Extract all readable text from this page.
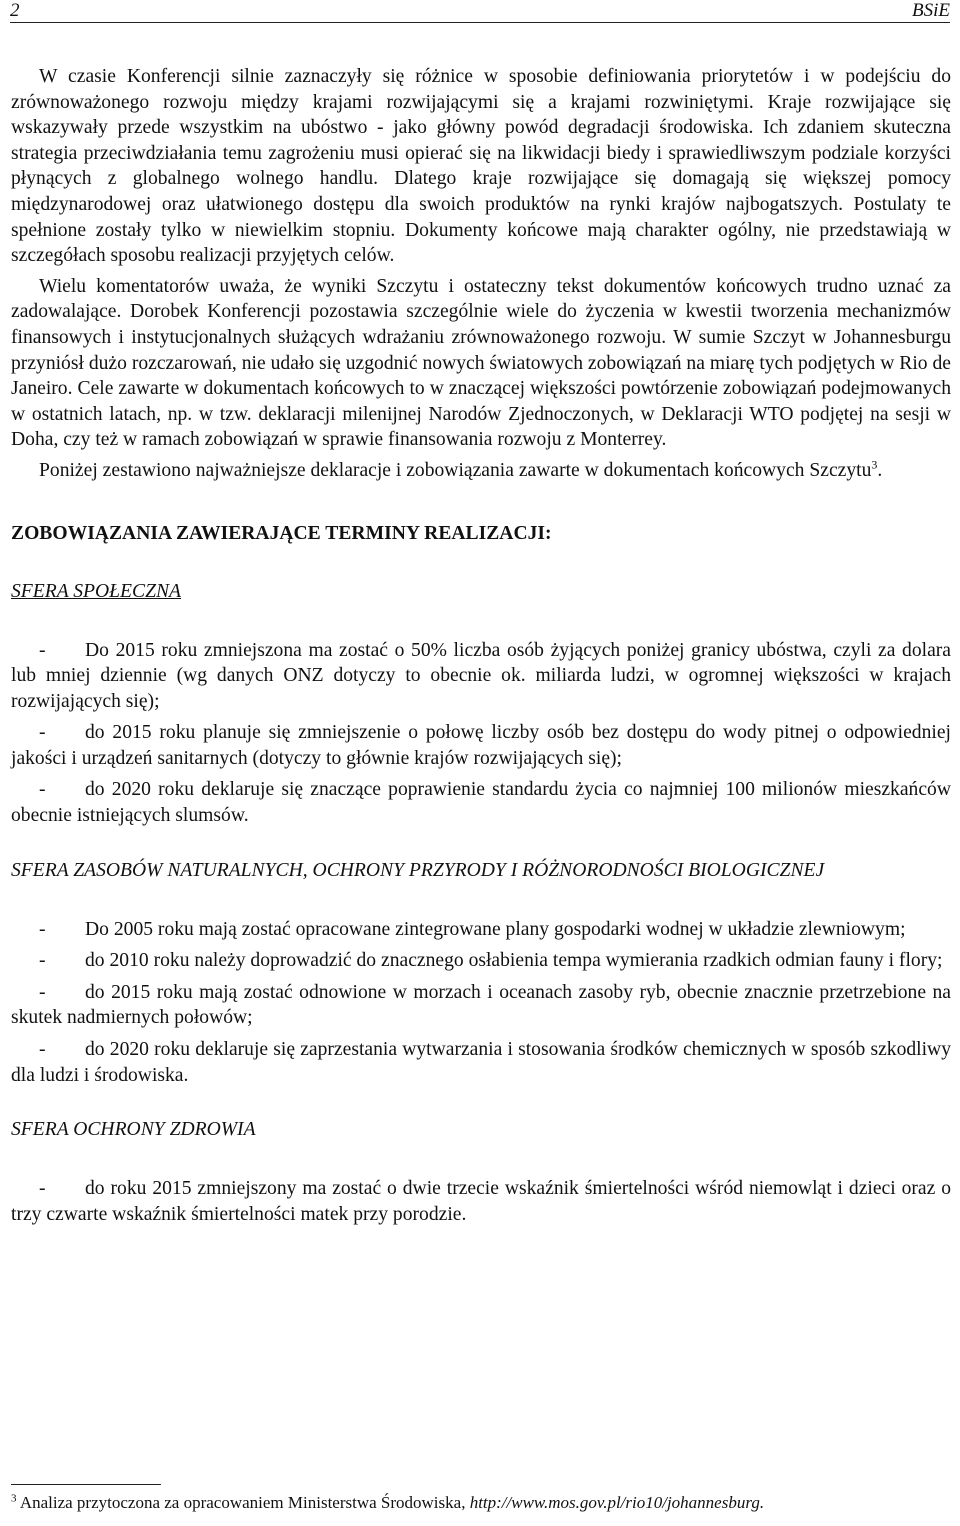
2	BSiE

W czasie Konferencji silnie zaznaczyły się różnice w sposobie definiowania priorytetów i w podejściu do zrównoważonego rozwoju między krajami rozwijającymi się a krajami rozwiniętymi. Kraje rozwijające się wskazywały przede wszystkim na ubóstwo - jako główny powód degradacji środowiska. Ich zdaniem skuteczna strategia przeciwdziałania temu zagrożeniu musi opierać się na likwidacji biedy i sprawiedliwszym podziale korzyści płynących z globalnego wolnego handlu. Dlatego kraje rozwijające się domagają się większej pomocy międzynarodowej oraz ułatwionego dostępu dla swoich produktów na rynki krajów najbogatszych. Postulaty te spełnione zostały tylko w niewielkim stopniu. Dokumenty końcowe mają charakter ogólny, nie przedstawiają w szczegółach sposobu realizacji przyjętych celów.

Wielu komentatorów uważa, że wyniki Szczytu i ostateczny tekst dokumentów końcowych trudno uznać za zadowalające. Dorobek Konferencji pozostawia szczególnie wiele do życzenia w kwestii tworzenia mechanizmów finansowych i instytucjonalnych służących wdrażaniu zrównoważonego rozwoju. W sumie Szczyt w Johannesburgu przyniósł dużo rozczarowań, nie udało się uzgodnić nowych światowych zobowiązań na miarę tych podjętych w Rio de Janeiro. Cele zawarte w dokumentach końcowych to w znaczącej większości powtórzenie zobowiązań podejmowanych w ostatnich latach, np. w tzw. deklaracji milenijnej Narodów Zjednoczonych, w Deklaracji WTO podjętej na sesji w Doha, czy też w ramach zobowiązań w sprawie finansowania rozwoju z Monterrey.

Poniżej zestawiono najważniejsze deklaracje i zobowiązania zawarte w dokumentach końcowych Szczytu$^3$.

ZOBOWIĄZANIA ZAWIERAJĄCE TERMINY REALIZACJI:
SFERA SPOŁECZNA

- Do 2015 roku zmniejszona ma zostać o 50% liczba osób żyjących poniżej granicy ubóstwa, czyli za dolara lub mniej dziennie (wg danych ONZ dotyczy to obecnie ok. miliarda ludzi, w ogromnej większości w krajach rozwijających się);

- do 2015 roku planuje się zmniejszenie o połowę liczby osób bez dostępu do wody pitnej o odpowiedniej jakości i urządzeń sanitarnych (dotyczy to głównie krajów rozwijających się);

- do 2020 roku deklaruje się znaczące poprawienie standardu życia co najmniej 100 milionów mieszkańców obecnie istniejących slumsów.

SFERA ZASOBÓW NATURALNYCH, OCHRONY PRZYRODY I RÓŻNORODNOŚCI BIOLOGICZNEJ

- Do 2005 roku mają zostać opracowane zintegrowane plany gospodarki wodnej w układzie zlewniowym;

- do 2010 roku należy doprowadzić do znacznego osłabienia tempa wymierania rzadkich odmian fauny i flory;

- do 2015 roku mają zostać odnowione w morzach i oceanach zasoby ryb, obecnie znacznie przetrzebione na skutek nadmiernych połowów;

- do 2020 roku deklaruje się zaprzestania wytwarzania i stosowania środków chemicznych w sposób szkodliwy dla ludzi i środowiska.

SFERA OCHRONY ZDROWIA

- do roku 2015 zmniejszony ma zostać o dwie trzecie wskaźnik śmiertelności wśród niemowląt i dzieci oraz o trzy czwarte wskaźnik śmiertelności matek przy porodzie.

$^3$ Analiza przytoczona za opracowaniem Ministerstwa Środowiska, http://www.mos.gov.pl/rio10/johannesburg.
